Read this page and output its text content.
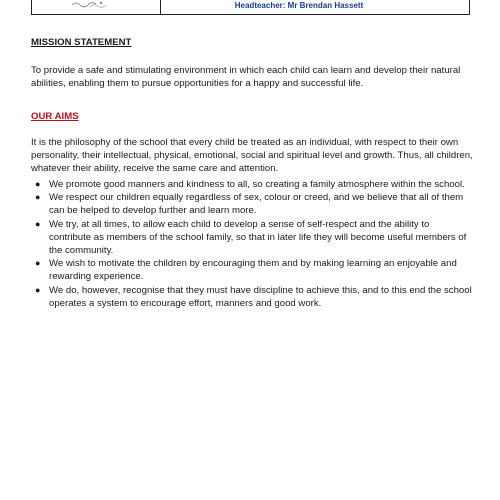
Headteacher: Mr Brendan Hassett
MISSION STATEMENT

To provide a safe and stimulating environment in which each child can learn and develop their natural abilities, enabling them to pursue opportunities for a happy and successful life.

OUR AIMS

It is the philosophy of the school that every child be treated as an individual, with respect to their own personality, their intellectual, physical, emotional, social and spiritual level and growth. Thus, all children, whatever their ability, receive the same care and attention.

● We promote good manners and kindness to all, so creating a family atmosphere within the school.
● We respect our children equally regardless of sex, colour or creed, and we believe that all of them can be helped to develop further and learn more.
● We try, at all times, to allow each child to develop a sense of self-respect and the ability to contribute as members of the school family, so that in later life they will become useful members of the community.
● We wish to motivate the children by encouraging them and by making learning an enjoyable and rewarding experience.
● We do, however, recognise that they must have discipline to achieve this, and to this end the school operates a system to encourage effort, manners and good work.
